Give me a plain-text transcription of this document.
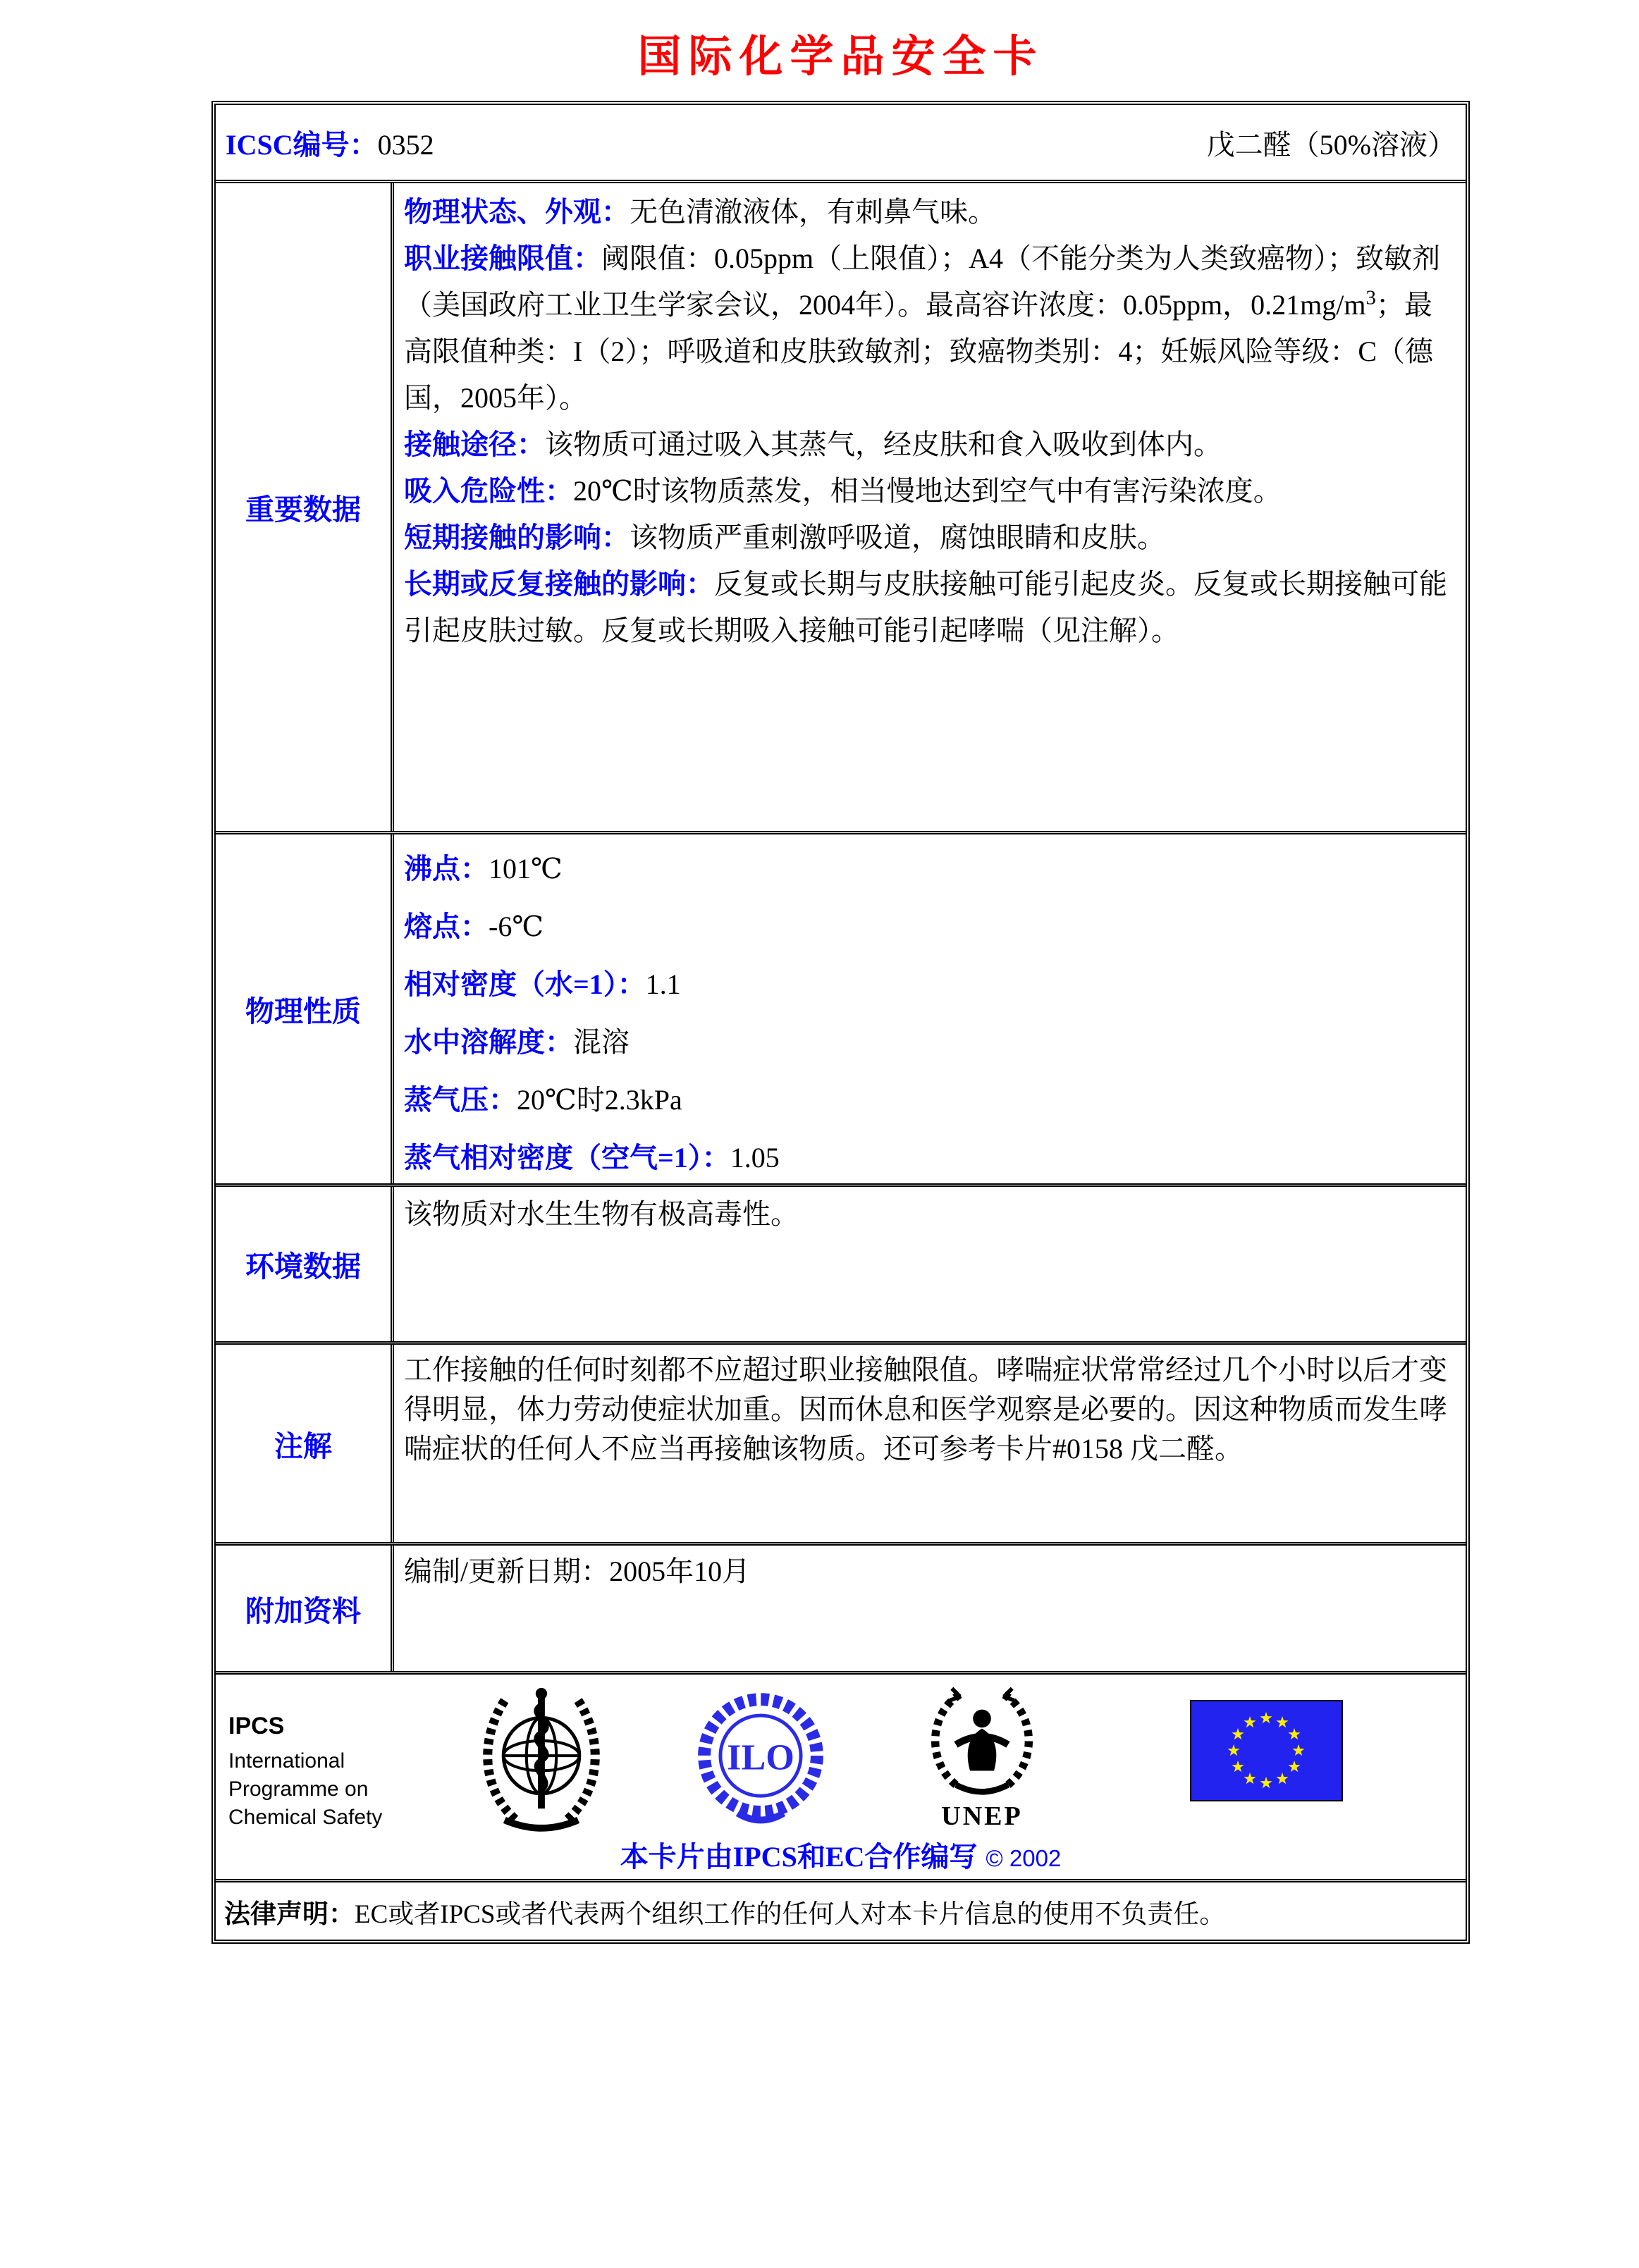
国际化学品安全卡
ICSC编号：0352	戊二醛（50%溶液）
重要数据

物理状态、外观：无色清澈液体，有刺鼻气味。

职业接触限值：阈限值：0.05ppm（上限值）；A4（不能分类为人类致癌物）；致敏剂（美国政府工业卫生学家会议，2004年）。最高容许浓度：0.05ppm，$0.21mg/m^3$；最高限值种类：I（2）；呼吸道和皮肤致敏剂；致癌物类别：4；妊娠风险等级：C（德国，2005年）。

接触途径：该物质可通过吸入其蒸气，经皮肤和食入吸收到体内。

吸入危险性：20℃时该物质蒸发，相当慢地达到空气中有害污染浓度。

短期接触的影响：该物质严重刺激呼吸道，腐蚀眼睛和皮肤。

长期或反复接触的影响：反复或长期与皮肤接触可能引起皮炎。反复或长期接触可能引起皮肤过敏。反复或长期吸入接触可能引起哮喘（见注解）。

物理性质

沸点：101℃

熔点：-6℃

相对密度（水=1）：1.1

水中溶解度：混溶

蒸气压：20℃时2.3kPa

蒸气相对密度（空气=1）：1.05

环境数据

该物质对水生生物有极高毒性。

注解

工作接触的任何时刻都不应超过职业接触限值。哮喘症状常常经过几个小时以后才变得明显，体力劳动使症状加重。因而休息和医学观察是必要的。因这种物质而发生哮喘症状的任何人不应当再接触该物质。还可参考卡片#0158 戊二醛。

附加资料

编制/更新日期：2005年10月

IPCS
International
Programme on
Chemical Safety
ILO
UNEP
本卡片由IPCS和EC合作编写 © 2002
法律声明： EC或者IPCS或者代表两个组织工作的任何人对本卡片信息的使用不负责任。
